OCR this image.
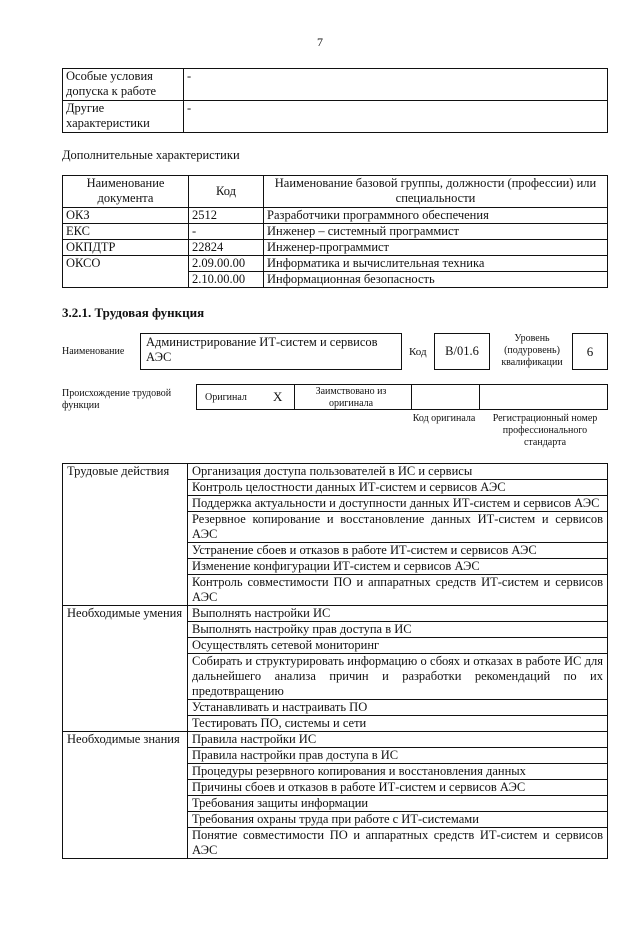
7
Особые условия допуска к работе	-
Другие характеристики	-
Дополнительные характеристики
Наименование документа	Код	Наименование базовой группы, должности (профессии) или специальности
ОКЗ	2512	Разработчики программного обеспечения
ЕКС	-	Инженер – системный программист
ОКПДТР	22824	Инженер-программист
ОКСО	2.09.00.00	Информатика и вычислительная техника
	2.10.00.00	Информационная безопасность
3.2.1. Трудовая функция
Наименование
Администрирование ИТ-систем и сервисов АЭС	Код	B/01.6
Уровень (подуровень) квалификации
6
Происхождение трудовой функции
Оригинал X	Заимствовано из оригинала
Код оригинала	Регистрационный номер профессионального стандарта
Трудовые действия	Организация доступа пользователей в ИС и сервисы
	Контроль целостности данных ИТ-систем и сервисов АЭС
	Поддержка актуальности и доступности данных ИТ-систем и сервисов АЭС
	Резервное копирование и восстановление данных ИТ-систем и сервисов АЭС
	Устранение сбоев и отказов в работе ИТ-систем и сервисов АЭС
	Изменение конфигурации ИТ-систем и сервисов АЭС
	Контроль совместимости ПО и аппаратных средств ИТ-систем и сервисов АЭС
Необходимые умения	Выполнять настройки ИС
	Выполнять настройку прав доступа в ИС
	Осуществлять сетевой мониторинг
	Собирать и структурировать информацию о сбоях и отказах в работе ИС для дальнейшего анализа причин и разработки рекомендаций по их предотвращению
	Устанавливать и настраивать ПО
	Тестировать ПО, системы и сети
Необходимые знания	Правила настройки ИС
	Правила настройки прав доступа в ИС
	Процедуры резервного копирования и восстановления данных
	Причины сбоев и отказов в работе ИТ-систем и сервисов АЭС
	Требования защиты информации
	Требования охраны труда при работе с ИТ-системами
	Понятие совместимости ПО и аппаратных средств ИТ-систем и сервисов АЭС
